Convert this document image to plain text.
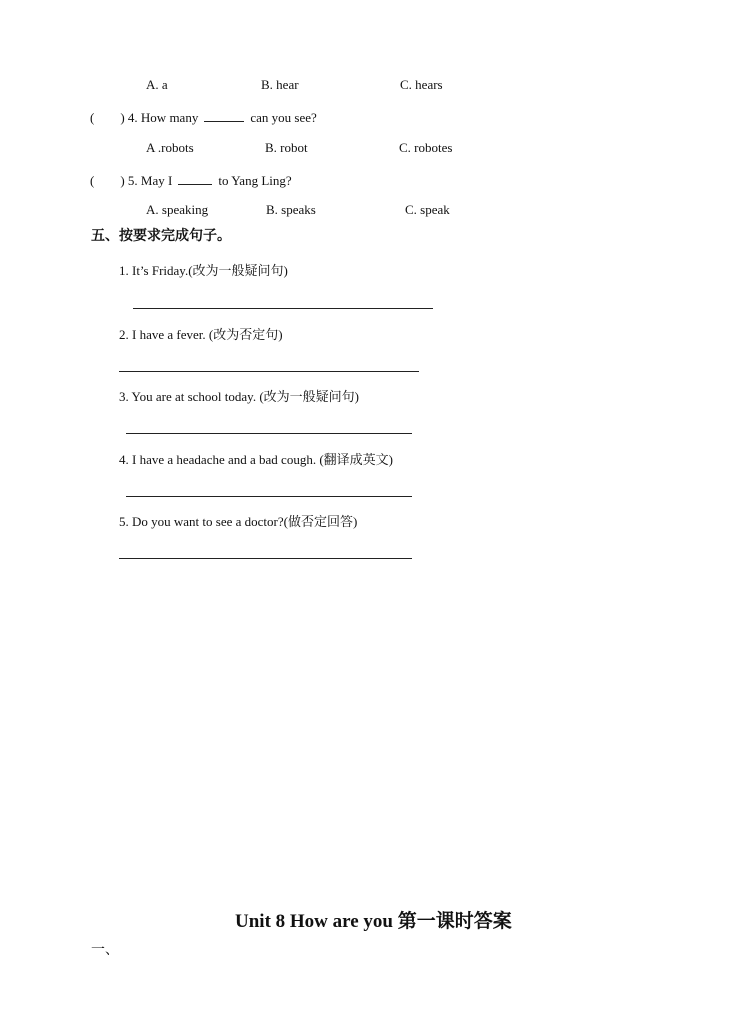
A. a	B. hear	C. hears
(　　) 4. How many	can you see?
A .robots	B. robot	C. robotes
(　　) 5. May I	to Yang Ling?
A. speaking	B. speaks	C. speak
五、按要求完成句子。
1. It’s Friday.(改为一般疑问句)
2. I have a fever. (改为否定句)
3. You are at school today. (改为一般疑问句)
4. I have a headache and a bad cough. (翻译成英文)
5. Do you want to see a doctor?(做否定回答)
Unit 8 How are you 第一课时答案
一、
